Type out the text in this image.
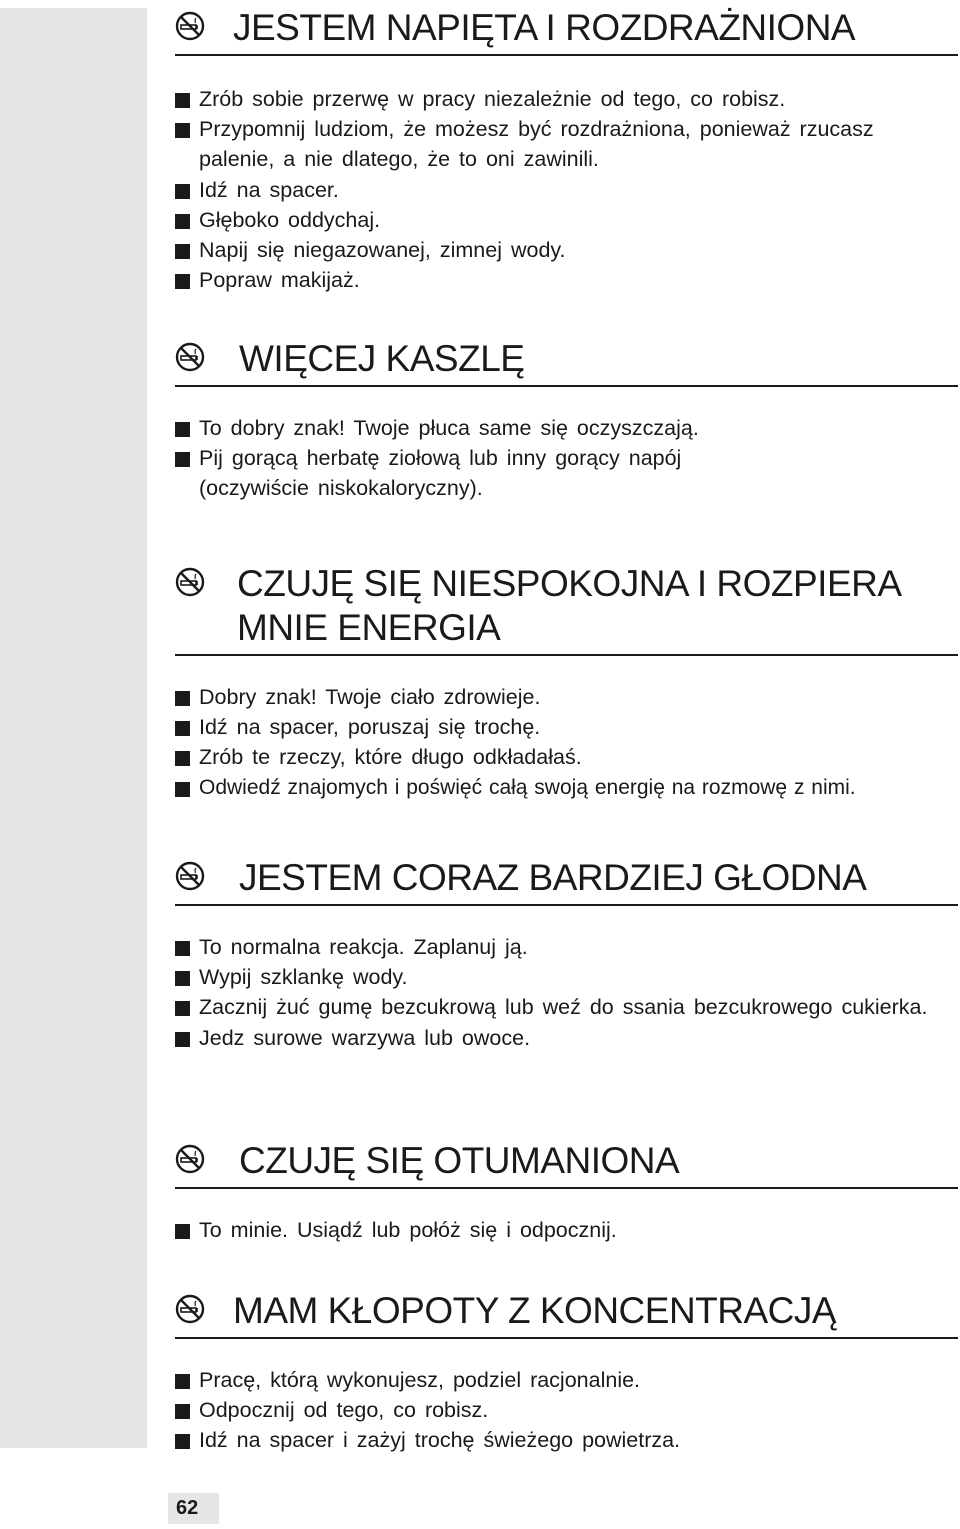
JESTEM NAPIĘTA I ROZDRAŻNIONA
Zrób sobie przerwę w pracy niezależnie od tego, co robisz.
Przypomnij ludziom, że możesz być rozdrażniona, ponieważ rzucasz palenie, a nie dlatego, że to oni zawinili.
Idź na spacer.
Głęboko oddychaj.
Napij się niegazowanej, zimnej wody.
Popraw makijaż.
WIĘCEJ KASZLĘ
To dobry znak! Twoje płuca same się oczyszczają.
Pij gorącą herbatę ziołową lub inny gorący napój (oczywiście niskokaloryczny).
CZUJĘ SIĘ NIESPOKOJNA I ROZPIERA
MNIE ENERGIA
Dobry znak! Twoje ciało zdrowieje.
Idź na spacer, poruszaj się trochę.
Zrób te rzeczy, które długo odkładałaś.
Odwiedź znajomych i poświęć całą swoją energię na rozmowę z nimi.
JESTEM CORAZ BARDZIEJ GŁODNA
To normalna reakcja. Zaplanuj ją.
Wypij szklankę wody.
Zacznij żuć gumę bezcukrową lub weź do ssania bezcukrowego cukierka.
Jedz surowe warzywa lub owoce.
CZUJĘ SIĘ OTUMANIONA
To minie. Usiądź lub połóż się i odpocznij.
MAM KŁOPOTY Z KONCENTRACJĄ
Pracę, którą wykonujesz, podziel racjonalnie.
Odpocznij od tego, co robisz.
Idź na spacer i zażyj trochę świeżego powietrza.
62
